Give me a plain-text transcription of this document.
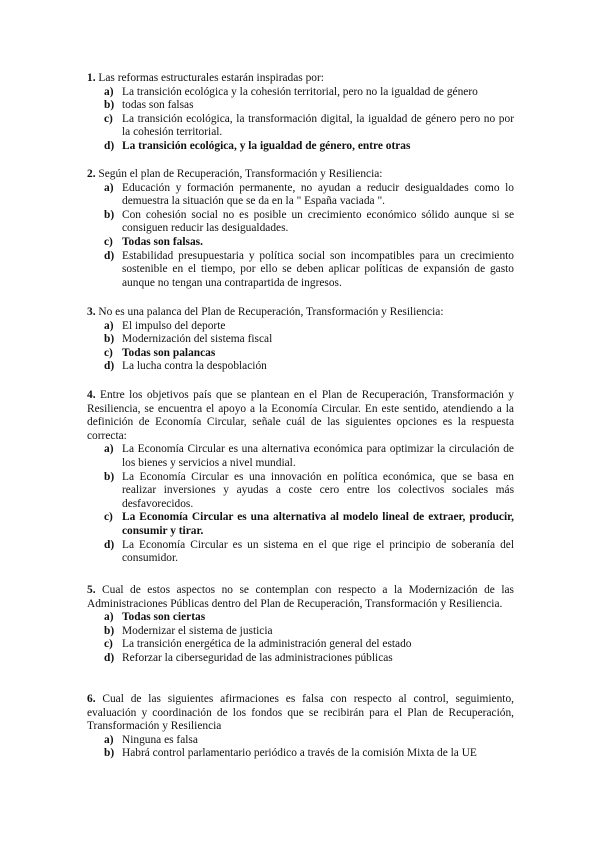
1. Las reformas estructurales estarán inspiradas por:

a) La transición ecológica y la cohesión territorial, pero no la igualdad de género
b) todas son falsas
c) La transición ecológica, la transformación digital, la igualdad de género pero no por la cohesión territorial.
d) La transición ecológica, y la igualdad de género, entre otras

2. Según el plan de Recuperación, Transformación y Resiliencia:

a) Educación y formación permanente, no ayudan a reducir desigualdades como lo demuestra la situación que se da en la " España vaciada ".
b) Con cohesión social no es posible un crecimiento económico sólido aunque si se consiguen reducir las desigualdades.
c) Todas son falsas.
d) Estabilidad presupuestaria y política social son incompatibles para un crecimiento sostenible en el tiempo, por ello se deben aplicar políticas de expansión de gasto aunque no tengan una contrapartida de ingresos.

3. No es una palanca del Plan de Recuperación, Transformación y Resiliencia:

a) El impulso del deporte
b) Modernización del sistema fiscal
c) Todas son palancas
d) La lucha contra la despoblación

4. Entre los objetivos país que se plantean en el Plan de Recuperación, Transformación y Resiliencia, se encuentra el apoyo a la Economía Circular. En este sentido, atendiendo a la definición de Economía Circular, señale cuál de las siguientes opciones es la respuesta correcta:

a) La Economía Circular es una alternativa económica para optimizar la circulación de los bienes y servicios a nivel mundial.
b) La Economía Circular es una innovación en política económica, que se basa en realizar inversiones y ayudas a coste cero entre los colectivos sociales más desfavorecidos.
c) La Economía Circular es una alternativa al modelo lineal de extraer, producir, consumir y tirar.
d) La Economía Circular es un sistema en el que rige el principio de soberanía del consumidor.

5. Cual de estos aspectos no se contemplan con respecto a la Modernización de las Administraciones Públicas dentro del Plan de Recuperación, Transformación y Resiliencia.

a) Todas son ciertas
b) Modernizar el sistema de justicia
c) La transición energética de la administración general del estado
d) Reforzar la ciberseguridad de las administraciones públicas

6. Cual de las siguientes afirmaciones es falsa con respecto al control, seguimiento, evaluación y coordinación de los fondos que se recibirán para el Plan de Recuperación, Transformación y Resiliencia

a) Ninguna es falsa
b) Habrá control parlamentario periódico a través de la comisión Mixta de la UE
